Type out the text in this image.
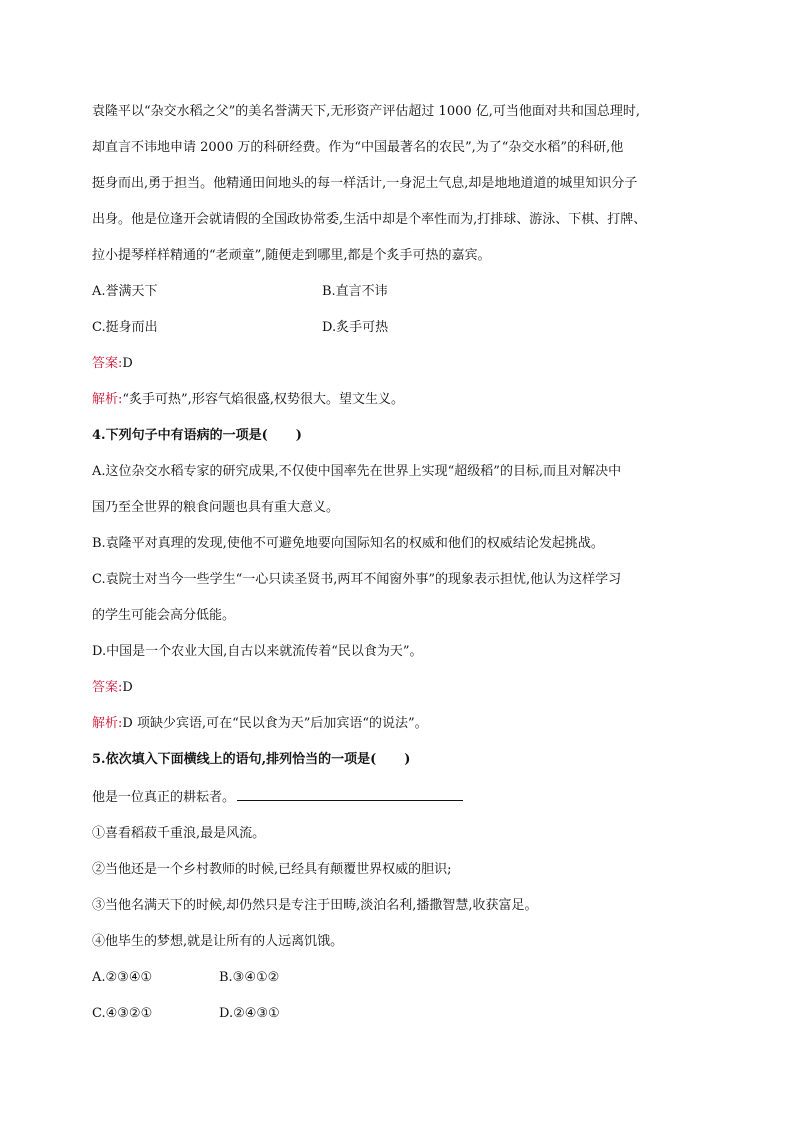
袁隆平以“杂交水稻之父”的美名誉满天下,无形资产评估超过 1000 亿,可当他面对共和国总理时,

却直言不讳地申请 2000 万的科研经费。作为“中国最著名的农民”,为了“杂交水稻”的科研,他

挺身而出,勇于担当。他精通田间地头的每一样活计,一身泥土气息,却是地地道道的城里知识分子

出身。他是位逢开会就请假的全国政协常委,生活中却是个率性而为,打排球、游泳、下棋、打牌、

拉小提琴样样精通的“老顽童”,随便走到哪里,都是个炙手可热的嘉宾。

A.誉满天下	B.直言不讳
C.挺身而出	D.炙手可热

答案:D

解析:“炙手可热”,形容气焰很盛,权势很大。望文生义。

4.下列句子中有语病的一项是( )

A.这位杂交水稻专家的研究成果,不仅使中国率先在世界上实现“超级稻”的目标,而且对解决中

国乃至全世界的粮食问题也具有重大意义。

B.袁隆平对真理的发现,使他不可避免地要向国际知名的权威和他们的权威结论发起挑战。

C.袁院士对当今一些学生“一心只读圣贤书,两耳不闻窗外事”的现象表示担忧,他认为这样学习

的学生可能会高分低能。

D.中国是一个农业大国,自古以来就流传着“民以食为天”。

答案:D

解析:D 项缺少宾语,可在“民以食为天”后加宾语“的说法”。

5.依次填入下面横线上的语句,排列恰当的一项是( )

他是一位真正的耕耘者。

①喜看稻菽千重浪,最是风流。

②当他还是一个乡村教师的时候,已经具有颠覆世界权威的胆识;

③当他名满天下的时候,却仍然只是专注于田畴,淡泊名利,播撒智慧,收获富足。

④他毕生的梦想,就是让所有的人远离饥饿。

A.②③④①	B.③④①②
C.④③②①	D.②④③①
